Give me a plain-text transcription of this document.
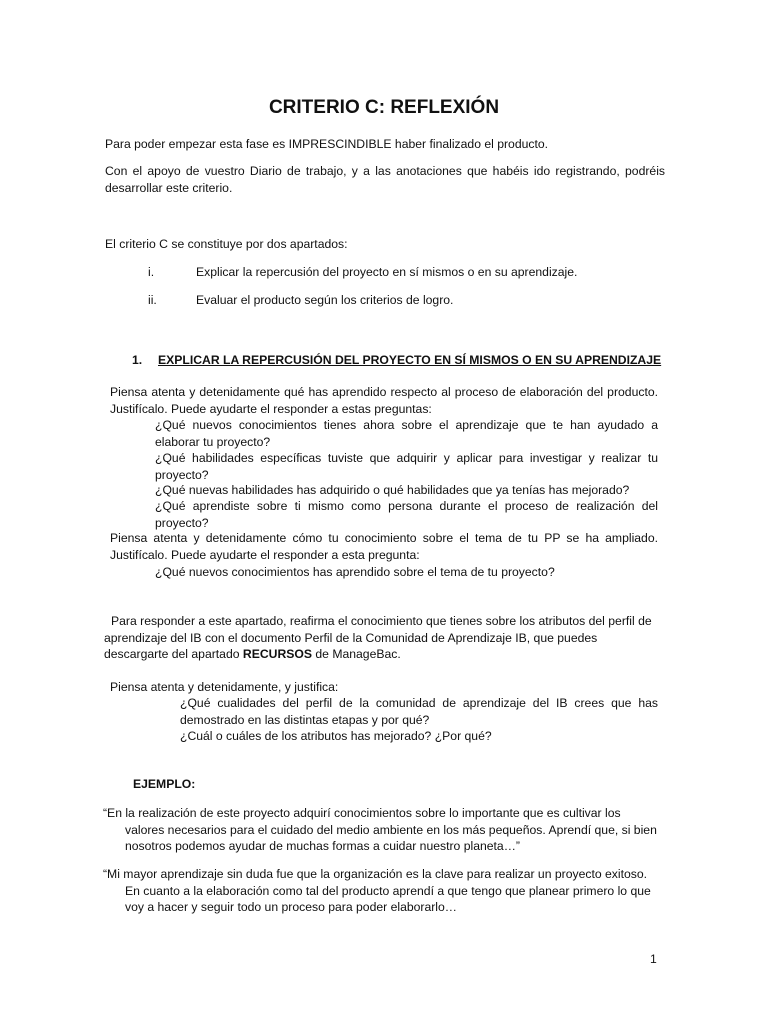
CRITERIO C: REFLEXIÓN

Para poder empezar esta fase es IMPRESCINDIBLE haber finalizado el producto.

Con el apoyo de vuestro Diario de trabajo, y a las anotaciones que habéis ido registrando, podréis desarrollar este criterio.

El criterio C se constituye por dos apartados:

i.	Explicar la repercusión del proyecto en sí mismos o en su aprendizaje.
ii.	Evaluar el producto según los criterios de logro.
1. EXPLICAR LA REPERCUSIÓN DEL PROYECTO EN SÍ MISMOS O EN SU APRENDIZAJE

Piensa atenta y detenidamente qué has aprendido respecto al proceso de elaboración del producto. Justifícalo. Puede ayudarte el responder a estas preguntas:

¿Qué nuevos conocimientos tienes ahora sobre el aprendizaje que te han ayudado a elaborar tu proyecto?

¿Qué habilidades específicas tuviste que adquirir y aplicar para investigar y realizar tu proyecto?

¿Qué nuevas habilidades has adquirido o qué habilidades que ya tenías has mejorado?

¿Qué aprendiste sobre ti mismo como persona durante el proceso de realización del proyecto?

Piensa atenta y detenidamente cómo tu conocimiento sobre el tema de tu PP se ha ampliado. Justifícalo. Puede ayudarte el responder a esta pregunta:

¿Qué nuevos conocimientos has aprendido sobre el tema de tu proyecto?

Para responder a este apartado, reafirma el conocimiento que tienes sobre los atributos del perfil de aprendizaje del IB con el documento Perfil de la Comunidad de Aprendizaje IB, que puedes descargarte del apartado RECURSOS de ManageBac.

Piensa atenta y detenidamente, y justifica:

¿Qué cualidades del perfil de la comunidad de aprendizaje del IB crees que has demostrado en las distintas etapas y por qué?

¿Cuál o cuáles de los atributos has mejorado? ¿Por qué?

EJEMPLO:

“En la realización de este proyecto adquirí conocimientos sobre lo importante que es cultivar los valores necesarios para el cuidado del medio ambiente en los más pequeños. Aprendí que, si bien nosotros podemos ayudar de muchas formas a cuidar nuestro planeta…”

“Mi mayor aprendizaje sin duda fue que la organización es la clave para realizar un proyecto exitoso. En cuanto a la elaboración como tal del producto aprendí a que tengo que planear primero lo que voy a hacer y seguir todo un proceso para poder elaborarlo…

1
